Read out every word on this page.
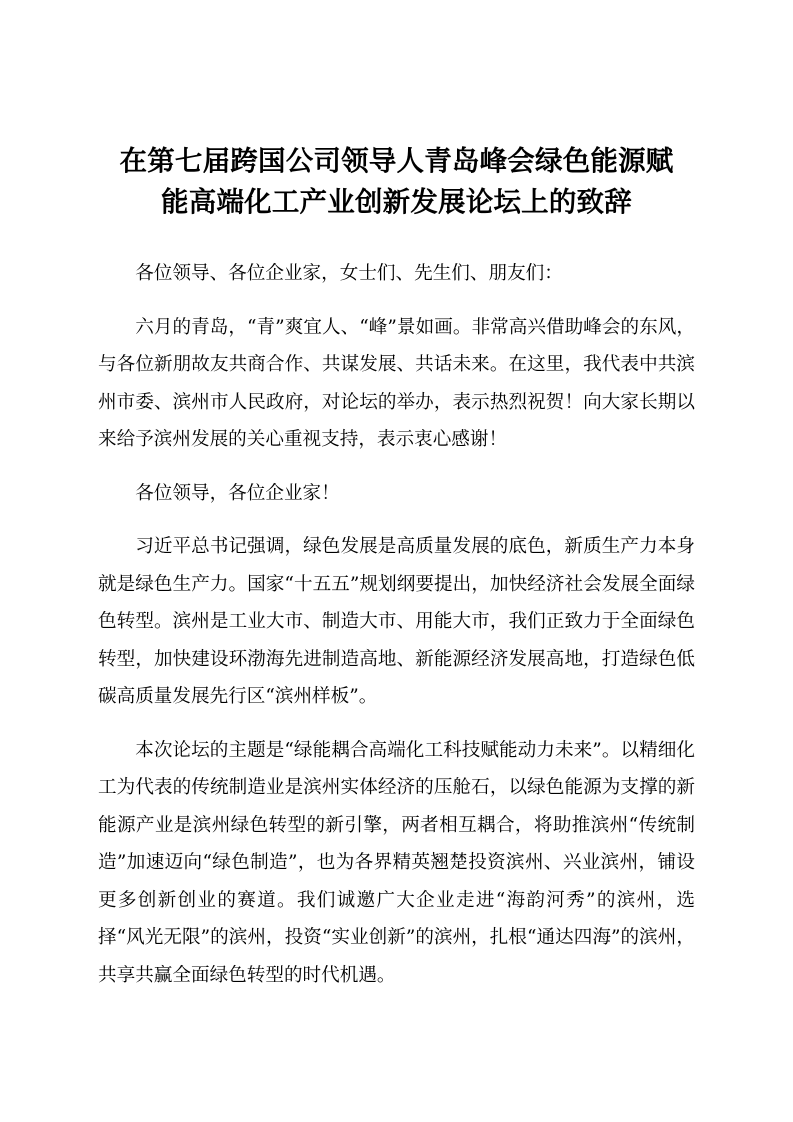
在第七届跨国公司领导人青岛峰会绿色能源赋
能高端化工产业创新发展论坛上的致辞

各位领导、各位企业家，女士们、先生们、朋友们：

六月的青岛，“青”爽宜人、“峰”景如画。非常高兴借助峰会的东风，与各位新朋故友共商合作、共谋发展、共话未来。在这里，我代表中共滨州市委、滨州市人民政府，对论坛的举办，表示热烈祝贺！向大家长期以来给予滨州发展的关心重视支持，表示衷心感谢！

各位领导，各位企业家！

习近平总书记强调，绿色发展是高质量发展的底色，新质生产力本身就是绿色生产力。国家“十五五”规划纲要提出，加快经济社会发展全面绿色转型。滨州是工业大市、制造大市、用能大市，我们正致力于全面绿色转型，加快建设环渤海先进制造高地、新能源经济发展高地，打造绿色低碳高质量发展先行区“滨州样板”。

本次论坛的主题是“绿能耦合高端化工科技赋能动力未来”。以精细化工为代表的传统制造业是滨州实体经济的压舱石，以绿色能源为支撑的新能源产业是滨州绿色转型的新引擎，两者相互耦合，将助推滨州“传统制造”加速迈向“绿色制造”，也为各界精英翘楚投资滨州、兴业滨州，铺设更多创新创业的赛道。我们诚邀广大企业走进“海韵河秀”的滨州，选择“风光无限”的滨州，投资“实业创新”的滨州，扎根“通达四海”的滨州，共享共赢全面绿色转型的时代机遇。
